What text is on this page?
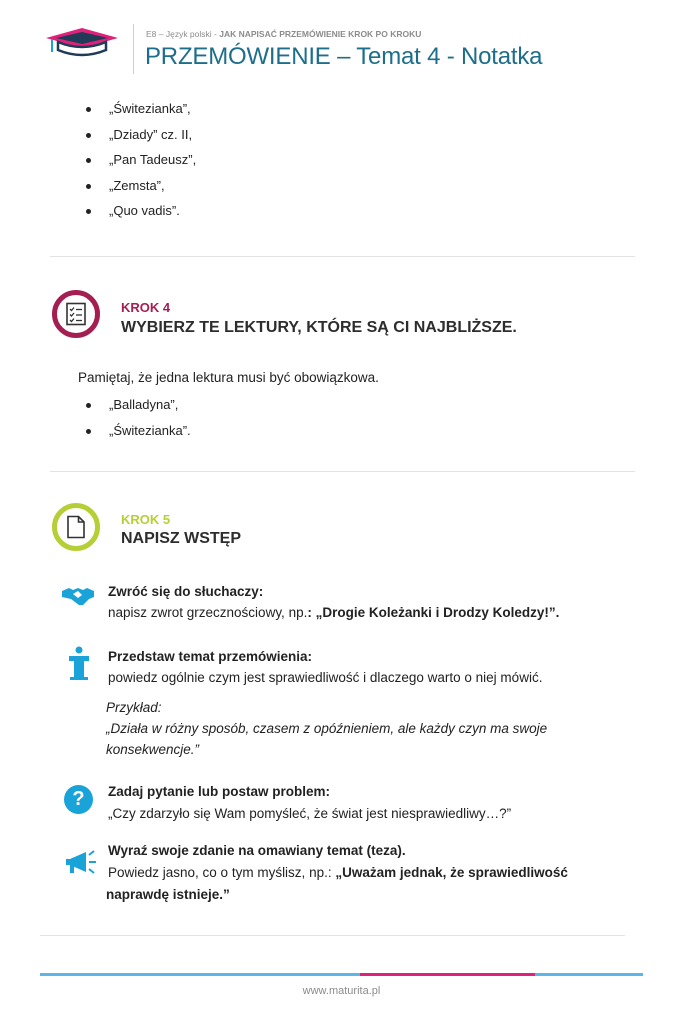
E8 – Język polski - JAK NAPISAĆ PRZEMÓWIENIE KROK PO KROKU
PRZEMÓWIENIE – Temat 4 - Notatka
„Świtezianka”,
„Dziady” cz. II,
„Pan Tadeusz”,
„Zemsta”,
„Quo vadis”.
KROK 4
WYBIERZ TE LEKTURY, KTÓRE SĄ CI NAJBLIŻSZE.
Pamiętaj, że jedna lektura musi być obowiązkowa.
„Balladyna”,
„Świtezianka”.
KROK 5
NAPISZ WSTĘP
Zwróć się do słuchaczy:
napisz zwrot grzecznościowy, np.: „Drogie Koleżanki i Drodzy Koledzy!”.
Przedstaw temat przemówienia:
powiedz ogólnie czym jest sprawiedliwość i dlaczego warto o niej mówić.
Przykład:
„Działa w różny sposób, czasem z opóźnieniem, ale każdy czyn ma swoje
konsekwencje.”
?	Zadaj pytanie lub postaw problem:
„Czy zdarzyło się Wam pomyśleć, że świat jest niesprawiedliwy…?”
Wyraź swoje zdanie na omawiany temat (teza).
Powiedz jasno, co o tym myślisz, np.: „Uważam jednak, że sprawiedliwość
naprawdę istnieje.”
www.maturita.pl
